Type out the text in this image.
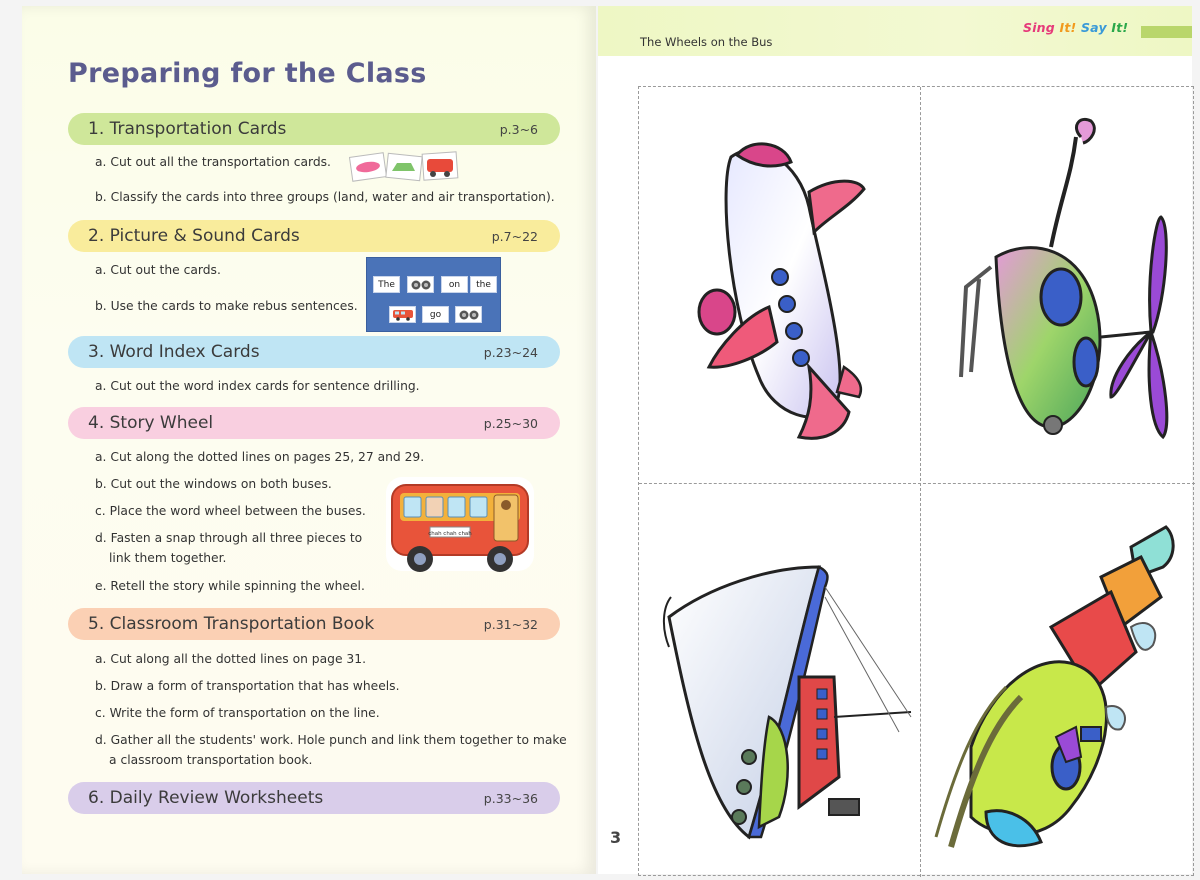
Preparing for the Class
1. Transportation Cards	p.3~6
a. Cut out all the transportation cards.
b. Classify the cards into three groups (land, water and air transportation).
2. Picture & Sound Cards	p.7~22
a. Cut out the cards.
b. Use the cards to make rebus sentences.
The	on	the
go
3. Word Index Cards	p.23~24
a. Cut out the word index cards for sentence drilling.
4. Story Wheel	p.25~30
a. Cut along the dotted lines on pages 25, 27 and 29.
b. Cut out the windows on both buses.
c. Place the word wheel between the buses.
d. Fasten a snap through all three pieces to
link them together.
e. Retell the story while spinning the wheel.
chah chah chah
5. Classroom Transportation Book	p.31~32
a. Cut along all the dotted lines on page 31.
b. Draw a form of transportation that has wheels.
c. Write the form of transportation on the line.
d. Gather all the students' work. Hole punch and link them together to make
a classroom transportation book.
6. Daily Review Worksheets	p.33~36
The Wheels on the Bus
Sing It! Say It!
3
